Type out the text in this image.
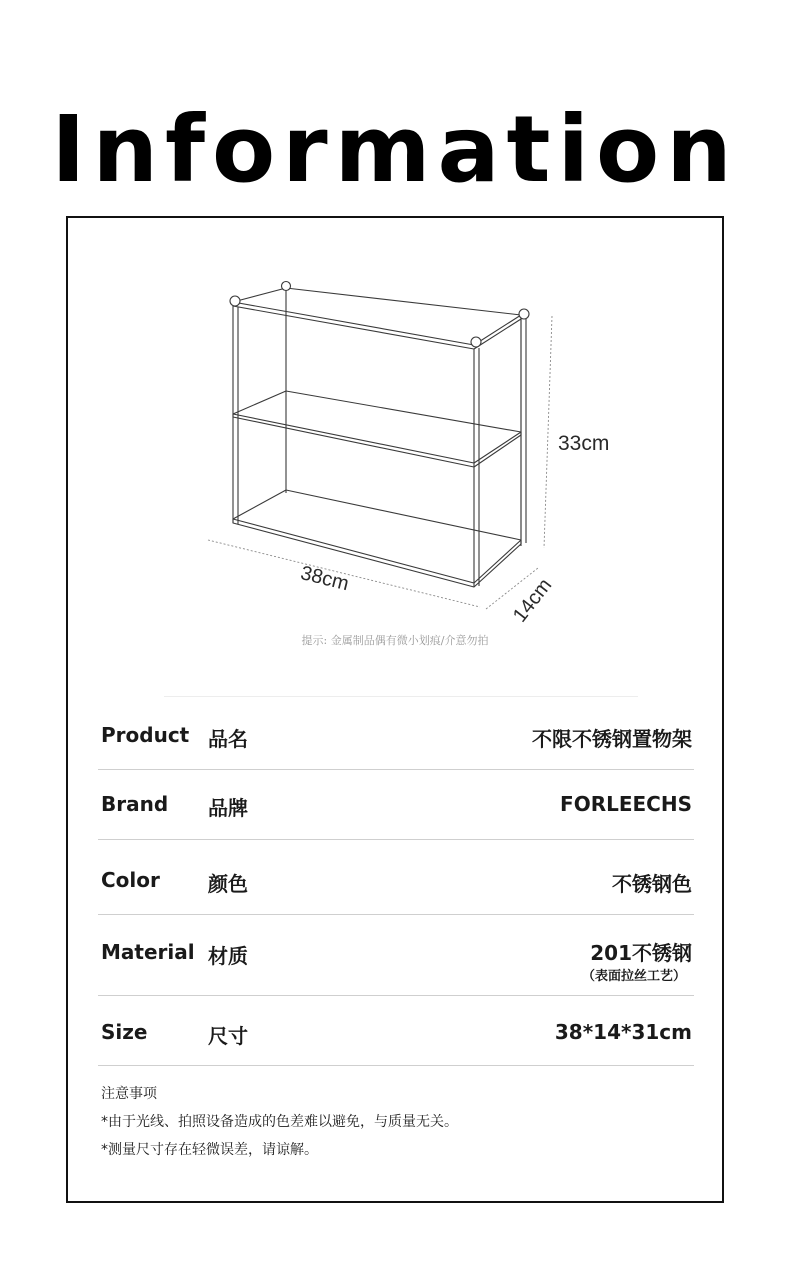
Information
33cm
38cm	14cm
提示: 金属制品偶有微小划痕/介意勿拍
Product 品名	不限不锈钢置物架
Brand 品牌	FORLEECHS
Color 颜色	不锈钢色
Material 材质	201不锈钢
（表面拉丝工艺）
Size	尺寸	38*14*31cm
注意事项
*由于光线、拍照设备造成的色差难以避免，与质量无关。
*测量尺寸存在轻微误差，请谅解。
